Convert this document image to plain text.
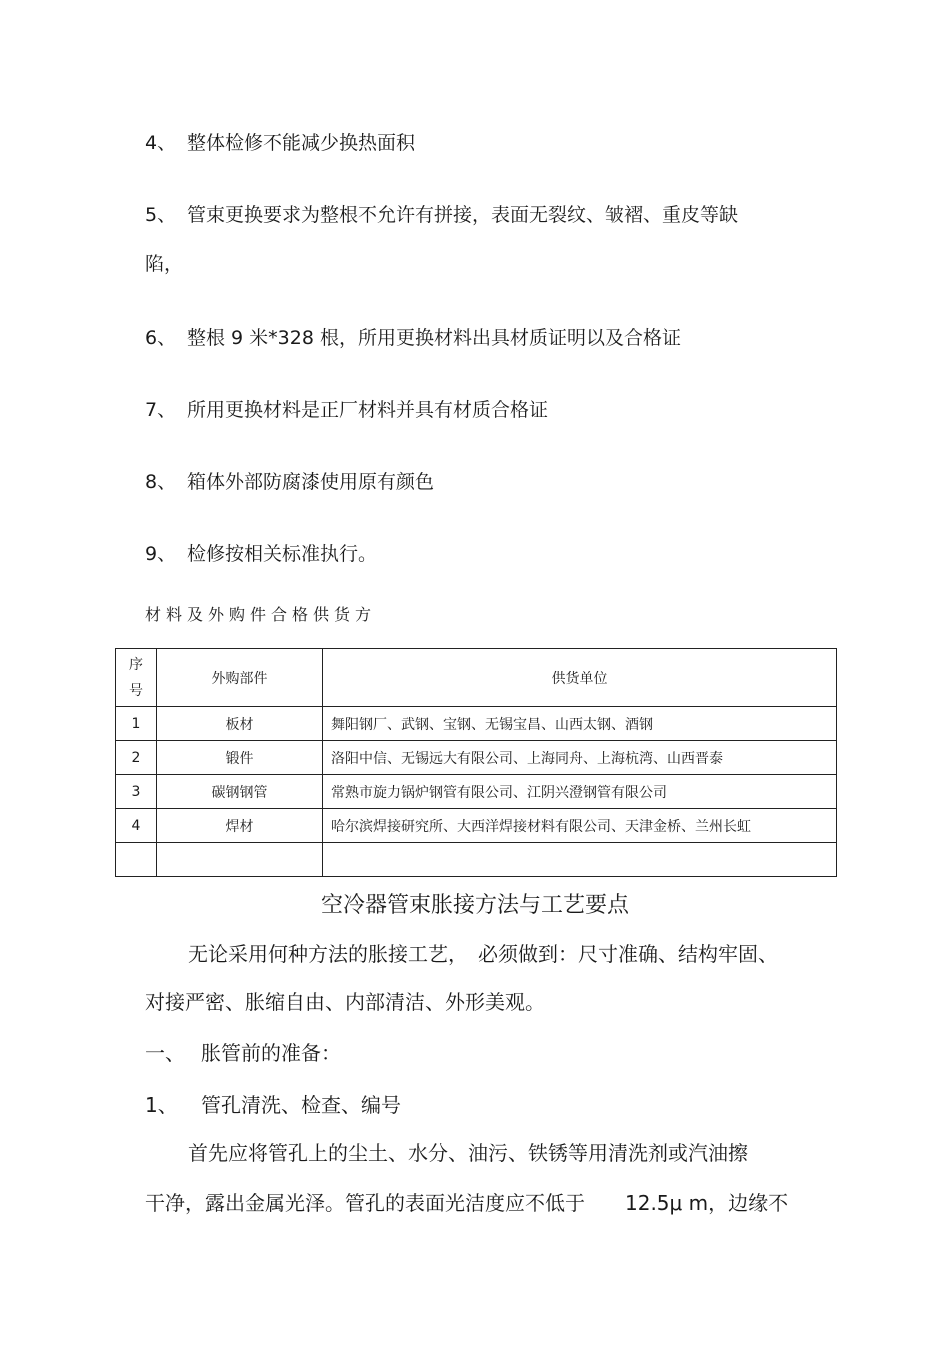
4、 整体检修不能减少换热面积
5、 管束更换要求为整根不允许有拼接，表面无裂纹、皱褶、重皮等缺
陷，
6、 整根 9 米*328 根，所用更换材料出具材质证明以及合格证
7、 所用更换材料是正厂材料并具有材质合格证
8、 箱体外部防腐漆使用原有颜色
9、 检修按相关标准执行。
材料及外购件合格供货方
序
号	外购部件	供货单位
1	板材	舞阳钢厂、武钢、宝钢、无锡宝昌、山西太钢、酒钢
2	锻件	洛阳中信、无锡远大有限公司、上海同舟、上海杭湾、山西晋泰
3	碳钢钢管	常熟市旋力锅炉钢管有限公司、江阴兴澄钢管有限公司
4	焊材	哈尔滨焊接研究所、大西洋焊接材料有限公司、天津金桥、兰州长虹

空冷器管束胀接方法与工艺要点
无论采用何种方法的胀接工艺，　必须做到：尺寸准确、结构牢固、
对接严密、胀缩自由、内部清洁、外形美观。
一、 胀管前的准备：
1、 管孔清洗、检查、编号
首先应将管孔上的尘土、水分、油污、铁锈等用清洗剂或汽油擦
干净，露出金属光泽。管孔的表面光洁度应不低于　　12.5μ m，边缘不
